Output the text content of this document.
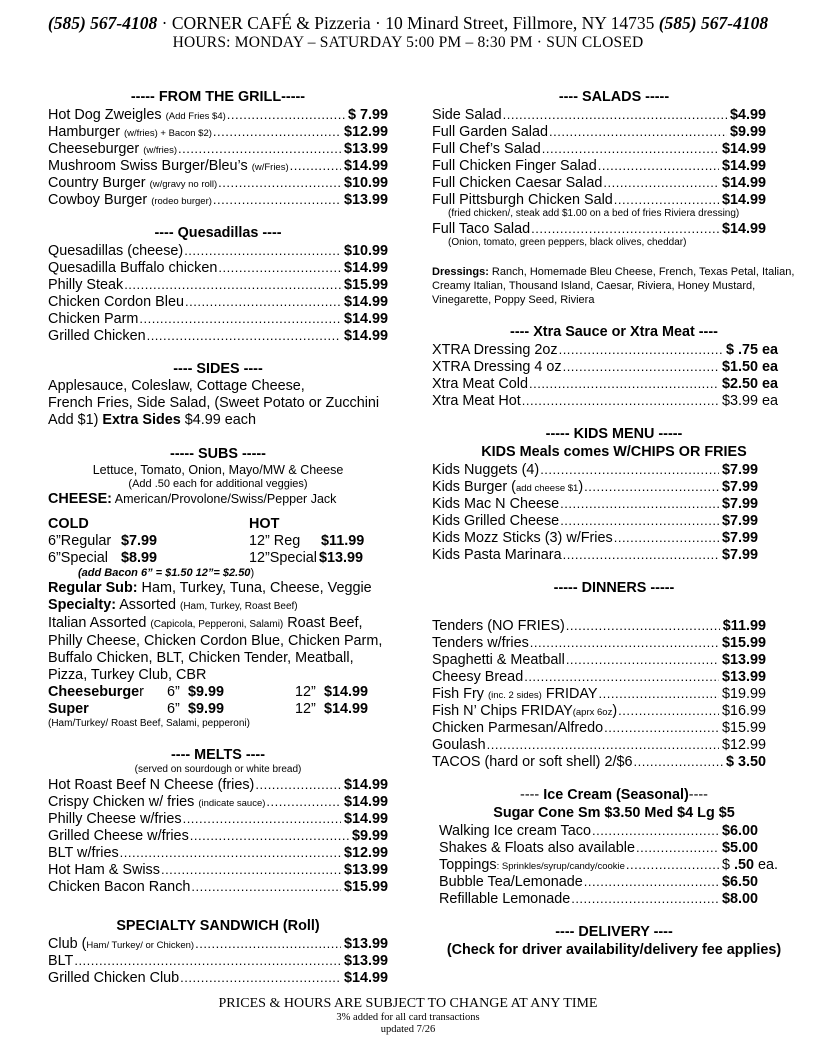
(585) 567-4108 · CORNER CAFÉ & Pizzeria · 10 Minard Street, Fillmore, NY 14735 (585) 567-4108
HOURS: MONDAY – SATURDAY 5:00 PM – 8:30 PM · SUN CLOSED
----- FROM THE GRILL-----
Hot Dog Zweigles (Add Fries $4) .....	$ 7.99
Hamburger (w/fries) + Bacon $2) .....	$12.99
Cheeseburger (w/fries) .....	$13.99
Mushroom Swiss Burger/Bleu’s (w/Fries) .....	$14.99
Country Burger (w/gravy no roll) .....	$10.99
Cowboy Burger (rodeo burger) .....	$13.99
---- Quesadillas ----
Quesadillas (cheese) .....	$10.99
Quesadilla Buffalo chicken .....	$14.99
Philly Steak .....	$15.99
Chicken Cordon Bleu .....	$14.99
Chicken Parm .....	$14.99
Grilled Chicken .....	$14.99
---- SIDES ----
Applesauce, Coleslaw, Cottage Cheese,
French Fries, Side Salad, (Sweet Potato or Zucchini
Add $1) Extra Sides $4.99 each
----- SUBS -----
Lettuce, Tomato, Onion, Mayo/MW & Cheese
(Add .50 each for additional veggies)
CHEESE: American/Provolone/Swiss/Pepper Jack
COLD	HOT
6”Regular $7.99	12” Reg $11.99
6”Special $8.99	12”Special $13.99
(add Bacon 6” = $1.50 12”= $2.50)
Regular Sub: Ham, Turkey, Tuna, Cheese, Veggie
Specialty: Assorted (Ham, Turkey, Roast Beef)
Italian Assorted (Capicola, Pepperoni, Salami) Roast Beef,
Philly Cheese, Chicken Cordon Blue, Chicken Parm,
Buffalo Chicken, BLT, Chicken Tender, Meatball,
Pizza, Turkey Club, CBR
Cheeseburge r 6” $9.99	12” $14.99
Super	6” $9.99	12” $14.99
(Ham/Turkey/ Roast Beef, Salami, pepperoni)
---- MELTS ----
(served on sourdough or white bread)
Hot Roast Beef N Cheese (fries) .....	$14.99
Crispy Chicken w/ fries (indicate sauce) .....	$14.99
Philly Cheese w/fries .....	$14.99
Grilled Cheese w/fries .....	$9.99
BLT w/fries .....	$12.99
Hot Ham & Swiss .....	$13.99
Chicken Bacon Ranch .....	$15.99
SPECIALTY SANDWICH (Roll)
Club (Ham/ Turkey/ or Chicken) .....	$13.99
BLT .....	$13.99
Grilled Chicken Club .....	$14.99
---- SALADS -----
Side Salad .....	$4.99
Full Garden Salad .....	$9.99
Full Chef’s Salad .....	$14.99
Full Chicken Finger Salad .....	$14.99
Full Chicken Caesar Salad .....	$14.99
Full Pittsburgh Chicken Sald .....	$14.99
(fried chicken/, steak add $1.00 on a bed of fries Riviera dressing)
Full Taco Salad .....	$14.99
(Onion, tomato, green peppers, black olives, cheddar)
Dressings: Ranch, Homemade Bleu Cheese, French, Texas Petal, Italian, Creamy Italian, Thousand Island, Caesar, Riviera, Honey Mustard, Vinegarette, Poppy Seed, Riviera
---- Xtra Sauce or Xtra Meat ----
XTRA Dressing 2oz .....	$ .75 ea
XTRA Dressing 4 oz .....	$1.50 ea
Xtra Meat Cold .....	$2.50 ea
Xtra Meat Hot .....	$3.99 ea
----- KIDS MENU -----
KIDS Meals comes W/CHIPS OR FRIES
Kids Nuggets (4) .....	$7.99
Kids Burger (add cheese $1) .....	$7.99
Kids Mac N Cheese .....	$7.99
Kids Grilled Cheese .....	$7.99
Kids Mozz Sticks (3) w/Fries .....	$7.99
Kids Pasta Marinara .....	$7.99
----- DINNERS -----
Tenders (NO FRIES) .....	$11.99
Tenders w/fries .....	$15.99
Spaghetti & Meatball .....	$13.99
Cheesy Bread .....	$13.99
Fish Fry (inc. 2 sides) FRIDAY .....	$19.99
Fish N’ Chips FRIDAY(aprx 6oz) .....	$16.99
Chicken Parmesan/Alfredo .....	$15.99
Goulash .....	$12.99
TACOS (hard or soft shell) 2/$6 .....	$ 3.50
---- Ice Cream (Seasonal)----
Sugar Cone Sm $3.50 Med $4 Lg $5
Walking Ice cream Taco .....	$6.00
Shakes & Floats also available .....	$5.00
Toppings: Sprinkles/syrup/candy/cookie .....	$ .50 ea.
Bubble Tea/Lemonade .....	$6.50
Refillable Lemonade .....	$8.00
---- DELIVERY ----
(Check for driver availability/delivery fee applies)
PRICES & HOURS ARE SUBJECT TO CHANGE AT ANY TIME
3% added for all card transactions
updated 7/26
